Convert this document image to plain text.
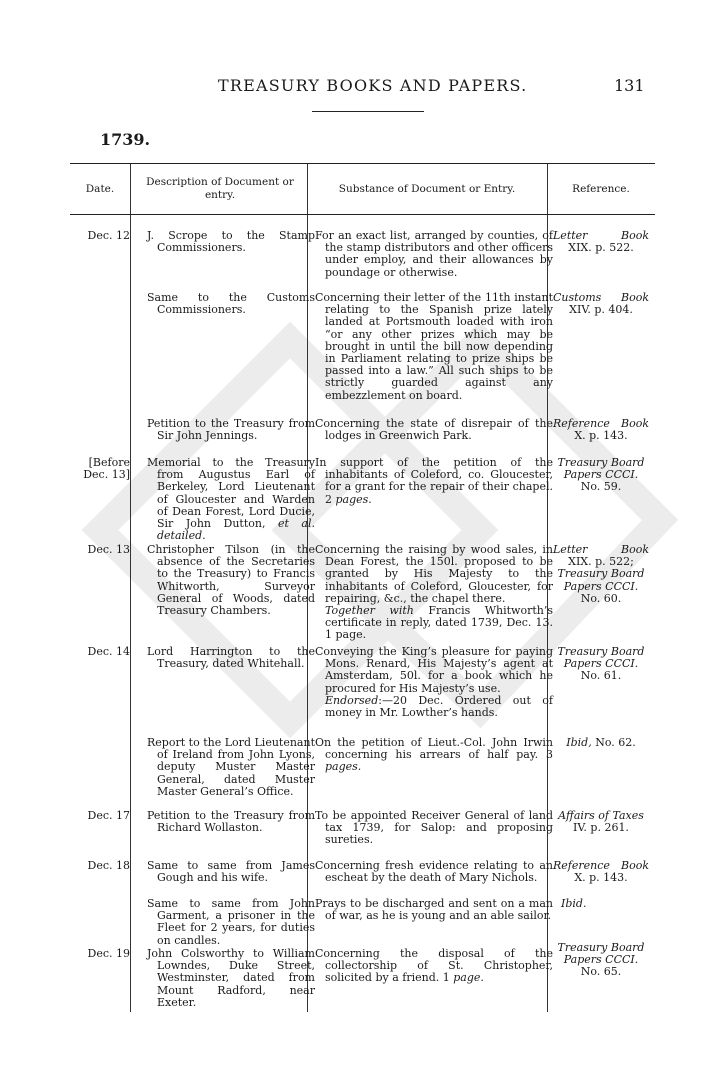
TREASURY BOOKS AND PAPERS.	131
1739.
Date.
Description of Document or entry.
Substance of Document or Entry.	Reference.
Dec. 12 J. Scrope to the Stamp Commissioners.
For an exact list, arranged by counties, of the stamp distributors and other officers under employ, and their allowances by poundage or otherwise.
Letter Book
XIX. p. 522.
Same to the Customs Commissioners.
Concerning their letter of the 11th instant relating to the Spanish prize lately landed at Portsmouth loaded with iron “or any other prizes which may be brought in until the bill now depending in Parliament relating to prize ships be passed into a law.” All such ships to be strictly guarded against any embezzlement on board.
Customs Book
XIV. p. 404.
Petition to the Treasury from Sir John Jennings.
Concerning the state of disrepair of the lodges in Greenwich Park.
Reference Book
X. p. 143.
[Before Dec. 13]
Memorial to the Treasury from Augustus Earl of Berkeley, Lord Lieutenant of Gloucester and Warden of Dean Forest, Lord Ducie, Sir John Dutton, et al. detailed.
In support of the petition of the inhabitants of Coleford, co. Gloucester, for a grant for the repair of their chapel. 2 pages.
Treasury Board Papers CCCI.
No. 59.
Dec. 13 Christopher Tilson (in the absence of the Secretaries to the Treasury) to Francis Whitworth, Surveyor General of Woods, dated Treasury Chambers.
Concerning the raising by wood sales, in Dean Forest, the 150l. proposed to be granted by His Majesty to the inhabitants of Coleford, Gloucester, for repairing, &c., the chapel there.
Together with Francis Whitworth’s certificate in reply, dated 1739, Dec. 13. 1 page.
Letter Book
XIX. p. 522;
Treasury Board Papers CCCI.
No. 60.
Dec. 14 Lord Harrington to the Treasury, dated Whitehall.
Conveying the King’s pleasure for paying Mons. Renard, His Majesty’s agent at Amsterdam, 50l. for a book which he procured for His Majesty’s use.
Endorsed:—20 Dec. Ordered out of money in Mr. Lowther’s hands.
Treasury Board Papers CCCI.
No. 61.
Report to the Lord Lieutenant of Ireland from John Lyons, deputy Muster Master General, dated Muster Master General’s Office.
On the petition of Lieut.-Col. John Irwin concerning his arrears of half pay. 3 pages.
Ibid, No. 62.
Dec. 17 Petition to the Treasury from Richard Wollaston.
To be appointed Receiver General of land tax 1739, for Salop: and proposing sureties.
Affairs of Taxes
IV. p. 261.
Dec. 18 Same to same from James Gough and his wife.
Concerning fresh evidence relating to an escheat by the death of Mary Nichols.
Reference Book
X. p. 143.
Same to same from John Garment, a prisoner in the Fleet for 2 years, for duties on candles.
Prays to be discharged and sent on a man of war, as he is young and an able sailor.
Ibid.
Dec. 19 John Colsworthy to William Lowndes, Duke Street, Westminster, dated from Mount Radford, near Exeter.
Concerning the disposal of the collectorship of St. Christopher, solicited by a friend. 1 page.
Treasury Board Papers CCCI.
No. 65.
